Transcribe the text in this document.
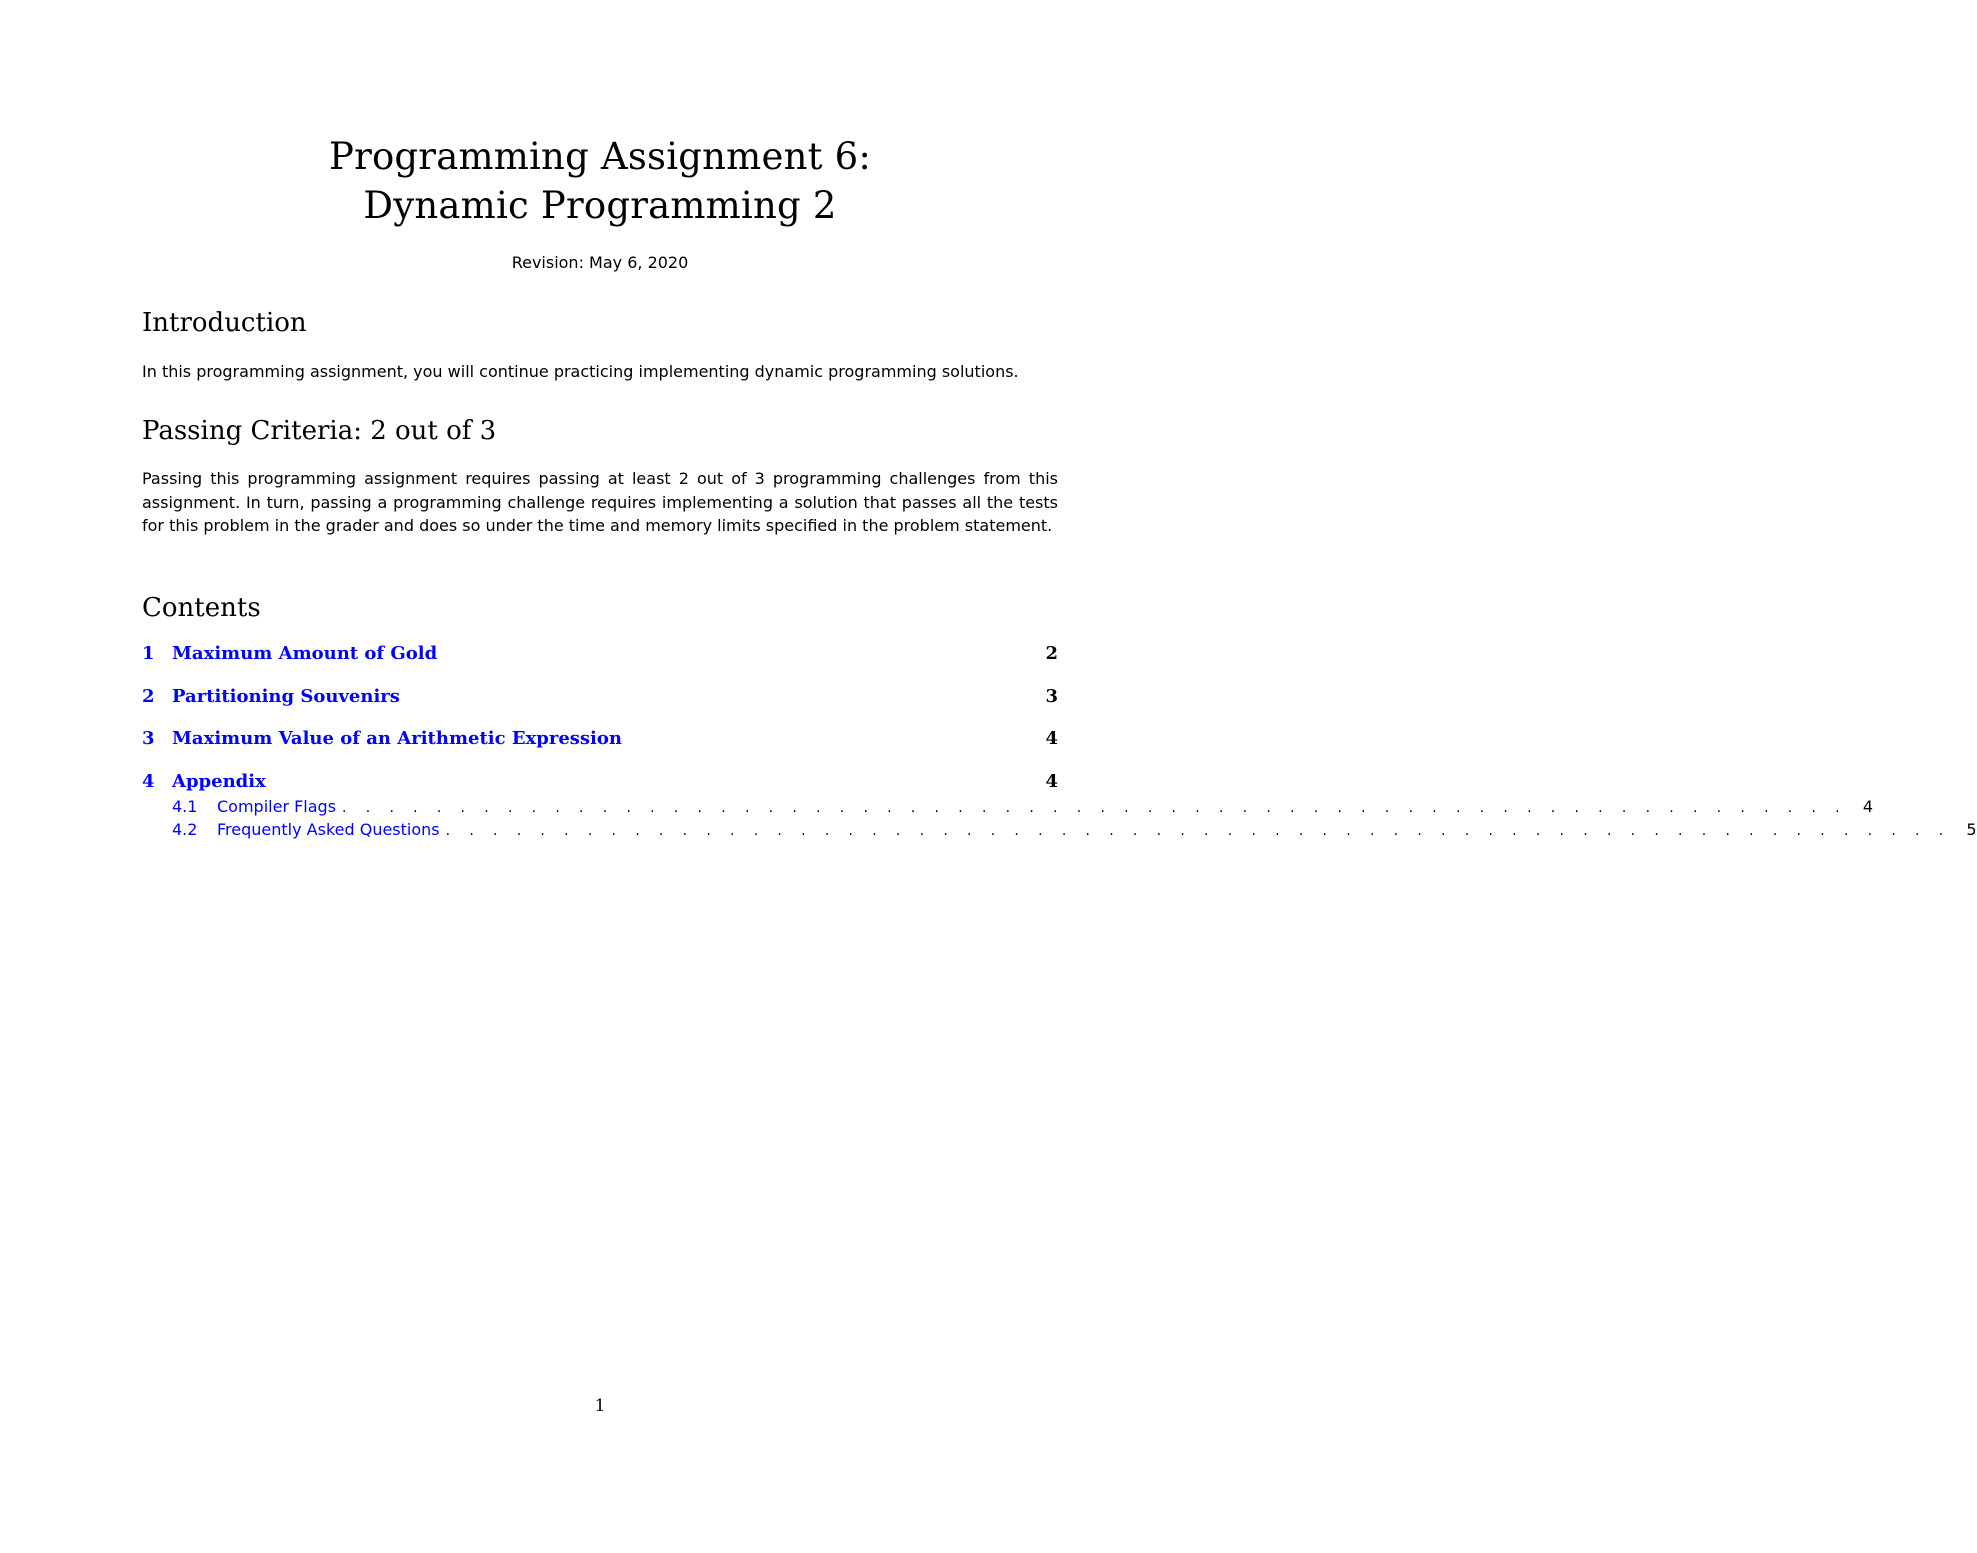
Programming Assignment 6:
Dynamic Programming 2
Revision: May 6, 2020
Introduction
In this programming assignment, you will continue practicing implementing dynamic programming solutions.
Passing Criteria: 2 out of 3
Passing this programming assignment requires passing at least 2 out of 3 programming challenges from this assignment. In turn, passing a programming challenge requires implementing a solution that passes all the tests for this problem in the grader and does so under the time and memory limits specified in the problem statement.
Contents
1 Maximum Amount of Gold	2
2 Partitioning Souvenirs	3
3 Maximum Value of an Arithmetic Expression	4
4 Appendix	4
4.1	Compiler Flags . . . . . . . . . . . . . . . . . . . . . . . . . . . . . . . . . . . . . . . . . . . . . . . . . . . . . . . . . . . . . . . . 4
4.2	Frequently Asked Questions . . . . . . . . . . . . . . . . . . . . . . . . . . . . . . . . . . . . . . . . . . . . . . . . . . . . . . . . . . . . . . . . 5
1
